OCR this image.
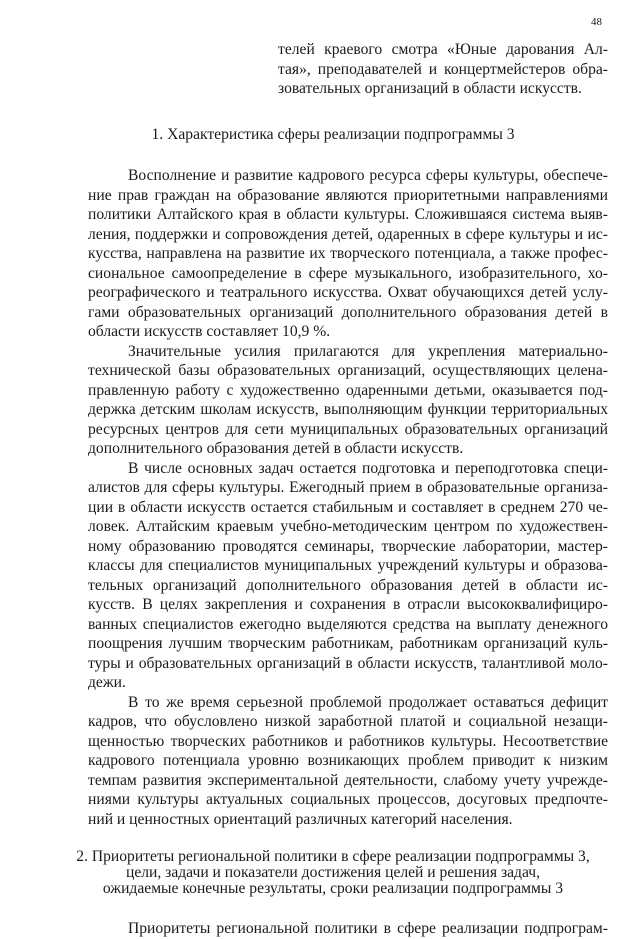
48
телей краевого смотра «Юные дарования Ал-
тая», преподавателей и концертмейстеров обра-
зовательных организаций в области искусств.
1. Характеристика сферы реализации подпрограммы 3
Восполнение и развитие кадрового ресурса сферы культуры, обеспече-
ние прав граждан на образование являются приоритетными направлениями
политики Алтайского края в области культуры. Сложившаяся система выяв-
ления, поддержки и сопровождения детей, одаренных в сфере культуры и ис-
кусства, направлена на развитие их творческого потенциала, а также профес-
сиональное самоопределение в сфере музыкального, изобразительного, хо-
реографического и театрального искусства. Охват обучающихся детей услу-
гами образовательных организаций дополнительного образования детей в
области искусств составляет 10,9 %.
Значительные усилия прилагаются для укрепления материально-
технической базы образовательных организаций, осуществляющих целена-
правленную работу с художественно одаренными детьми, оказывается под-
держка детским школам искусств, выполняющим функции территориальных
ресурсных центров для сети муниципальных образовательных организаций
дополнительного образования детей в области искусств.
В числе основных задач остается подготовка и переподготовка специ-
алистов для сферы культуры. Ежегодный прием в образовательные организа-
ции в области искусств остается стабильным и составляет в среднем 270 че-
ловек. Алтайским краевым учебно-методическим центром по художествен-
ному образованию проводятся семинары, творческие лаборатории, мастер-
классы для специалистов муниципальных учреждений культуры и образова-
тельных организаций дополнительного образования детей в области ис-
кусств. В целях закрепления и сохранения в отрасли высококвалифициро-
ванных специалистов ежегодно выделяются средства на выплату денежного
поощрения лучшим творческим работникам, работникам организаций куль-
туры и образовательных организаций в области искусств, талантливой моло-
дежи.
В то же время серьезной проблемой продолжает оставаться дефицит
кадров, что обусловлено низкой заработной платой и социальной незащи-
щенностью творческих работников и работников культуры. Несоответствие
кадрового потенциала уровню возникающих проблем приводит к низким
темпам развития экспериментальной деятельности, слабому учету учрежде-
ниями культуры актуальных социальных процессов, досуговых предпочте-
ний и ценностных ориентаций различных категорий населения.
2. Приоритеты региональной политики в сфере реализации подпрограммы 3,
цели, задачи и показатели достижения целей и решения задач,
ожидаемые конечные результаты, сроки реализации подпрограммы 3
Приоритеты региональной политики в сфере реализации подпрограм-
